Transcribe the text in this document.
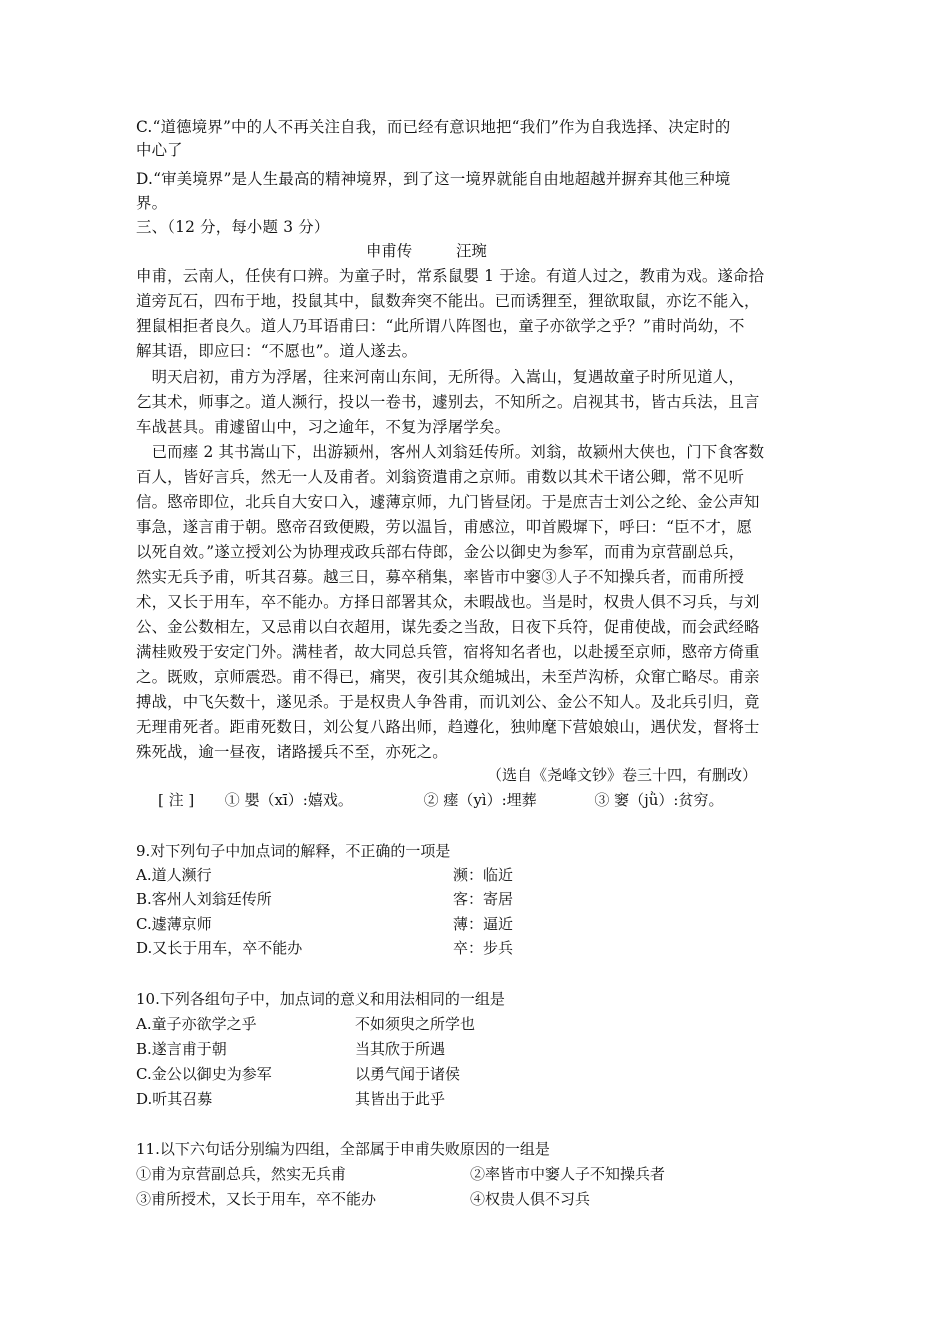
C.“道德境界”中的人不再关注自我，而已经有意识地把“我们”作为自我选择、决定时的
中心了
D.“审美境界”是人生最高的精神境界，到了这一境界就能自由地超越并摒弃其他三种境
界。
三、（12 分，每小题 3 分）
申甫传	汪琬
申甫，云南人，任侠有口辨。为童子时，常系鼠嬰 1 于途。有道人过之，教甫为戏。遂命拾
道旁瓦石，四布于地，投鼠其中，鼠数奔突不能出。已而诱狸至，狸欲取鼠，亦讫不能入，
狸鼠相拒者良久。道人乃耳语甫曰：“此所谓八阵图也，童子亦欲学之乎？”甫时尚幼，不
解其语，即应曰：“不愿也”。道人遂去。
　明天启初，甫方为浮屠，往来河南山东间，无所得。入嵩山，复遇故童子时所见道人，
乞其术，师事之。道人濒行，投以一卷书，遽别去，不知所之。启视其书，皆古兵法，且言
车战甚具。甫遽留山中，习之逾年，不复为浮屠学矣。
　已而瘗 2 其书嵩山下，出游颍州，客州人刘翁廷传所。刘翁，故颍州大侠也，门下食客数
百人，皆好言兵，然无一人及甫者。刘翁资遣甫之京师。甫数以其术干诸公卿，常不见听
信。愍帝即位，北兵自大安口入，遽薄京师，九门皆昼闭。于是庶吉士刘公之纶、金公声知
事急，遂言甫于朝。愍帝召致便殿，劳以温旨，甫感泣，叩首殿墀下，呼曰：“臣不才，愿
以死自效。”遂立授刘公为协理戎政兵部右侍郎，金公以御史为参军，而甫为京营副总兵，
然实无兵予甫，听其召募。越三日，募卒稍集，率皆市中窭③人子不知操兵者，而甫所授
术，又长于用车，卒不能办。方择日部署其众，未暇战也。当是时，权贵人俱不习兵，与刘
公、金公数相左，又忌甫以白衣超用，谋先委之当敌，日夜下兵符，促甫使战，而会武经略
满桂败殁于安定门外。满桂者，故大同总兵管，宿将知名者也，以赴援至京师，愍帝方倚重
之。既败，京师震恐。甫不得已，痛哭，夜引其众缒城出，未至芦沟桥，众窜亡略尽。甫亲
搏战，中飞矢数十，遂见杀。于是权贵人争咎甫，而讥刘公、金公不知人。及北兵引归，竟
无理甫死者。距甫死数日，刘公复八路出师，趋遵化，独帅麾下营娘娘山，遇伏发，督将士
殊死战，逾一昼夜，诸路援兵不至，亦死之。
（选自《尧峰文钞》卷三十四，有删改）
[ 注 ] ① 嬰（xī）:嬉戏。	② 瘗（yì）:埋葬	③ 窭（jǜ）:贫穷。
9.对下列句子中加点词的解释，不正确的一项是
A.道人濒行	濒：临近
B.客州人刘翁廷传所	客：寄居
C.遽薄京师	薄：逼近
D.又长于用车，卒不能办	卒：步兵
10.下列各组句子中，加点词的意义和用法相同的一组是
A.童子亦欲学之乎	不如须臾之所学也
B.遂言甫于朝	当其欣于所遇
C.金公以御史为参军	以勇气闻于诸侯
D.听其召募	其皆出于此乎
11.以下六句话分别编为四组，全部属于申甫失败原因的一组是
①甫为京营副总兵，然实无兵甫	②率皆市中窭人子不知操兵者
③甫所授术，又长于用车，卒不能办	④权贵人俱不习兵
